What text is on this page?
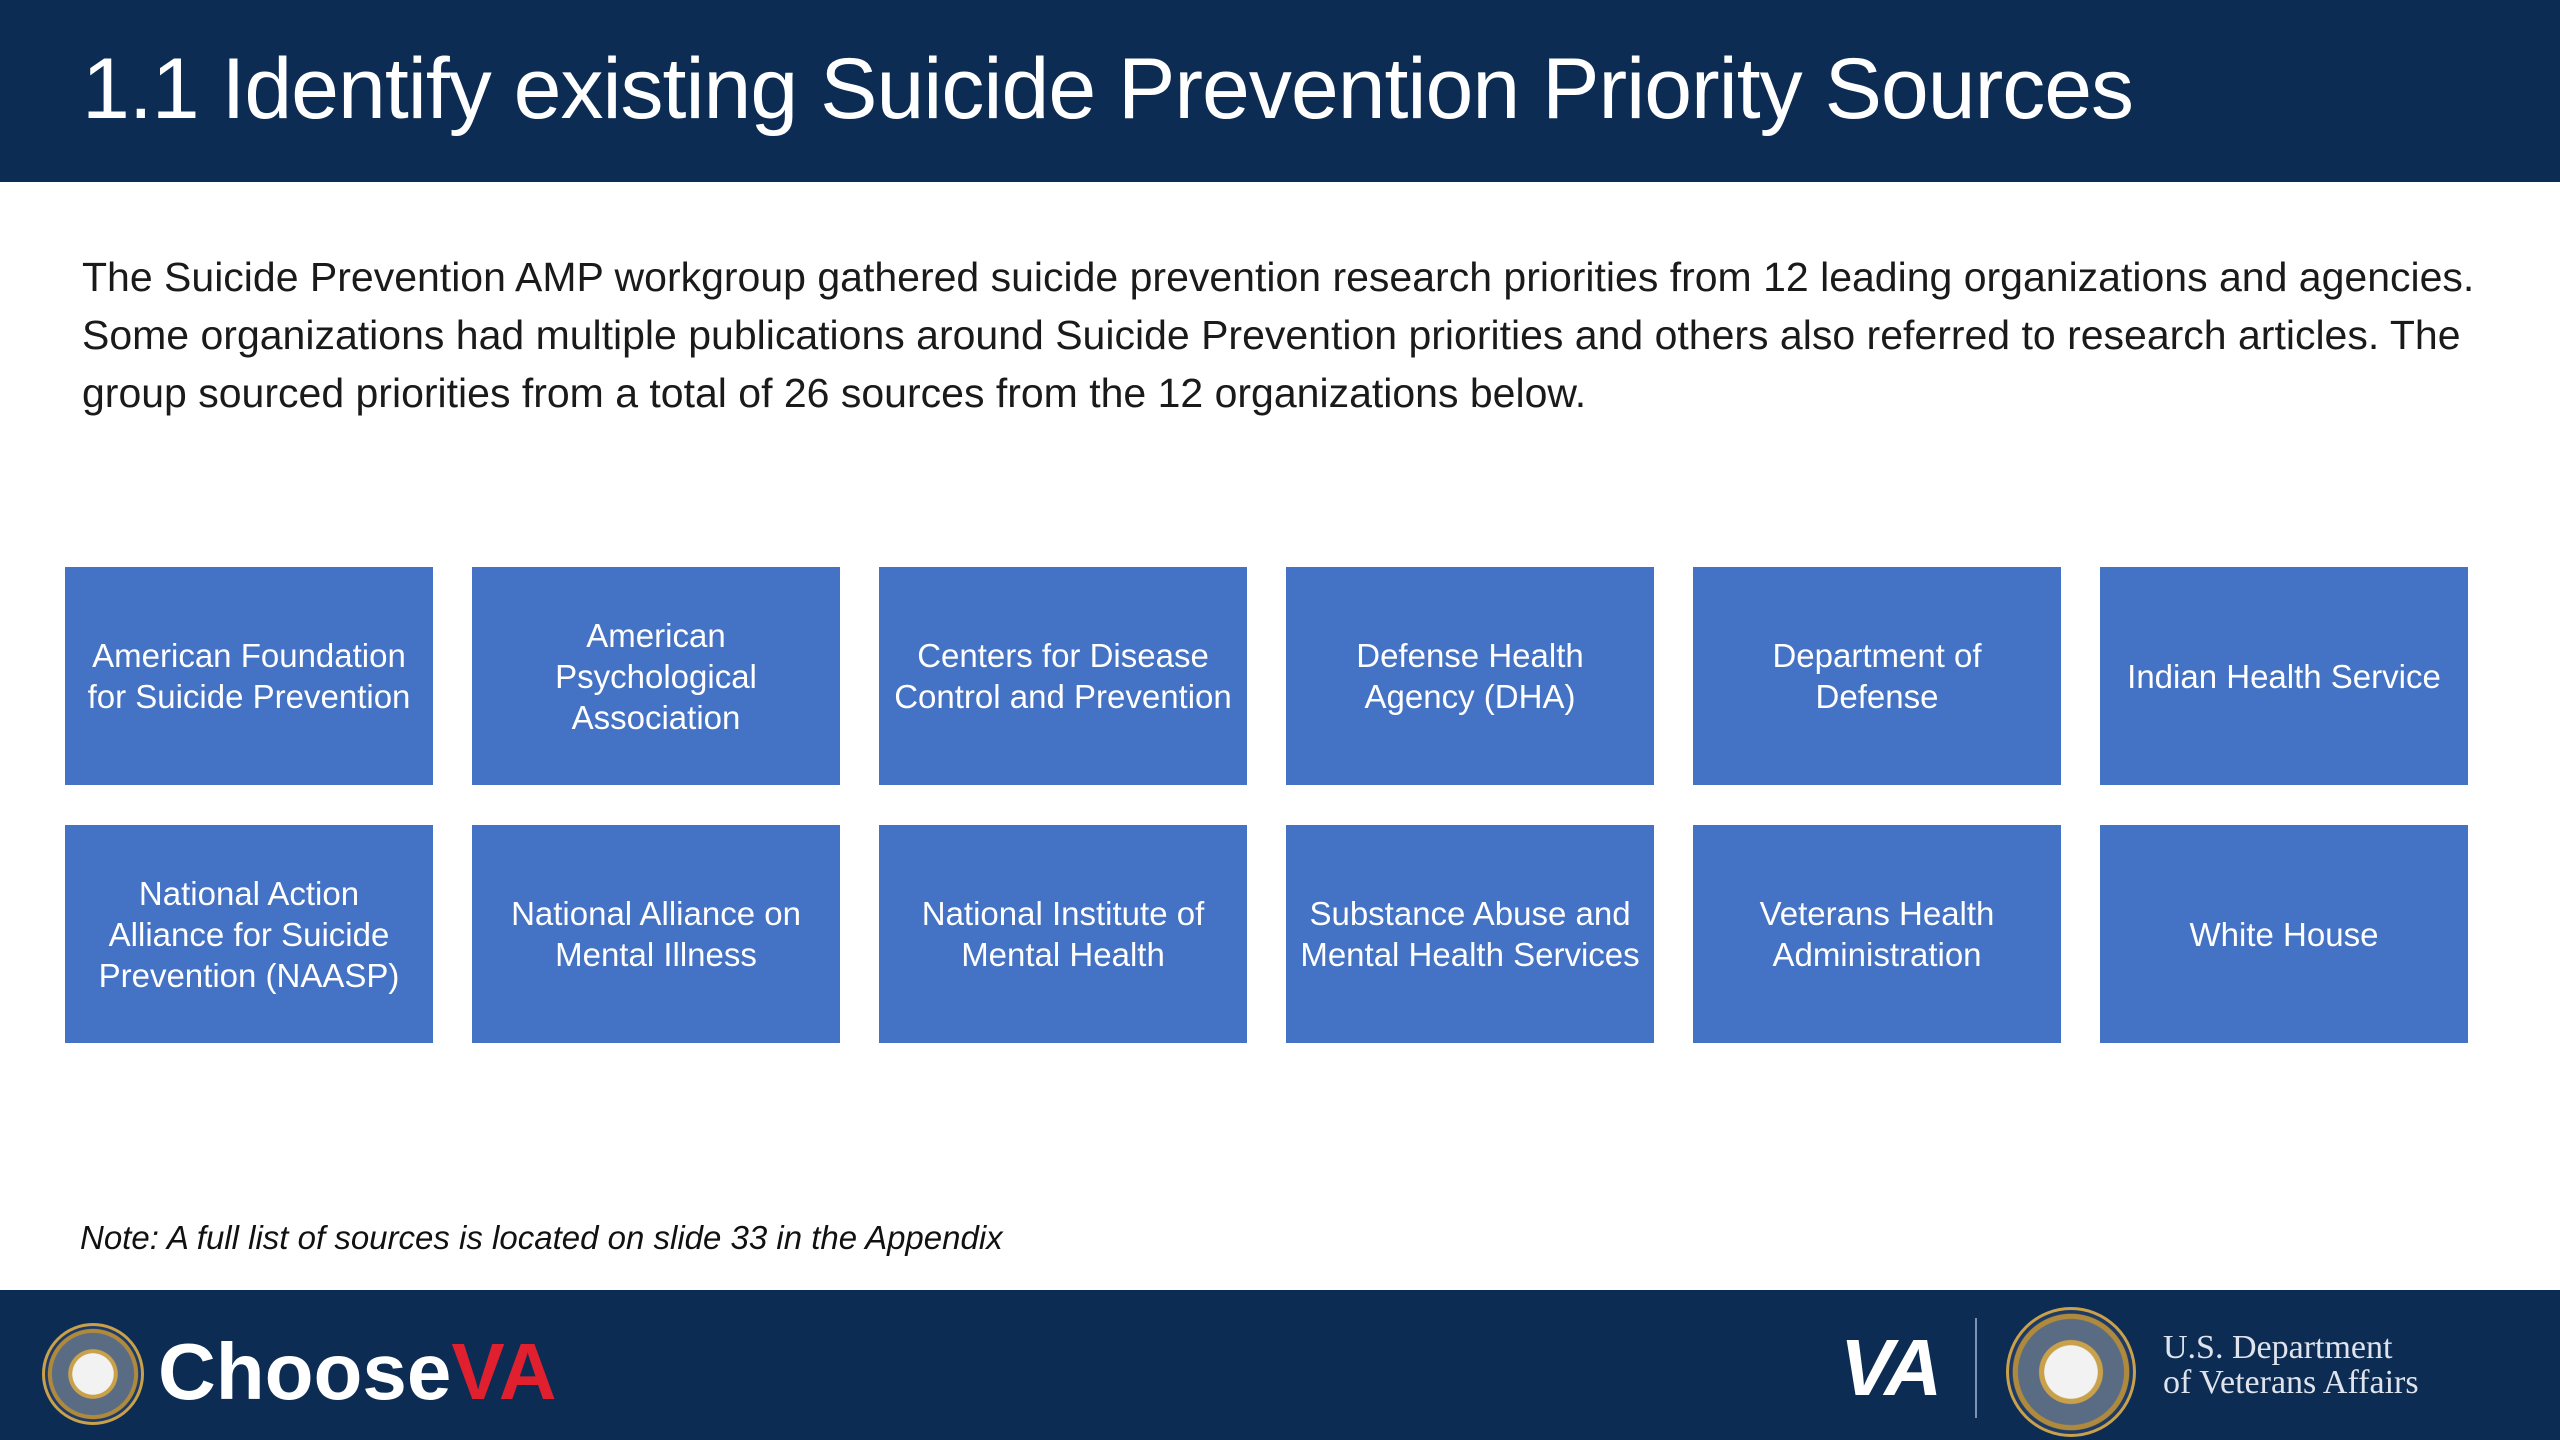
1.1 Identify existing Suicide Prevention Priority Sources

The Suicide Prevention AMP workgroup gathered suicide prevention research priorities from 12 leading organizations and agencies. Some organizations had multiple publications around Suicide Prevention priorities and others also referred to research articles. The group sourced priorities from a total of 26 sources from the 12 organizations below.

American Foundation for Suicide Prevention
American Psychological Association
Centers for Disease Control and Prevention
Defense Health Agency (DHA)
Department of Defense
Indian Health Service
National Action Alliance for Suicide Prevention (NAASP)
National Alliance on Mental Illness
National Institute of Mental Health
Substance Abuse and Mental Health Services
Veterans Health Administration
White House

Note: A full list of sources is located on slide 33 in the Appendix

ChooseVA	VA	U.S. Department
of Veterans Affairs
